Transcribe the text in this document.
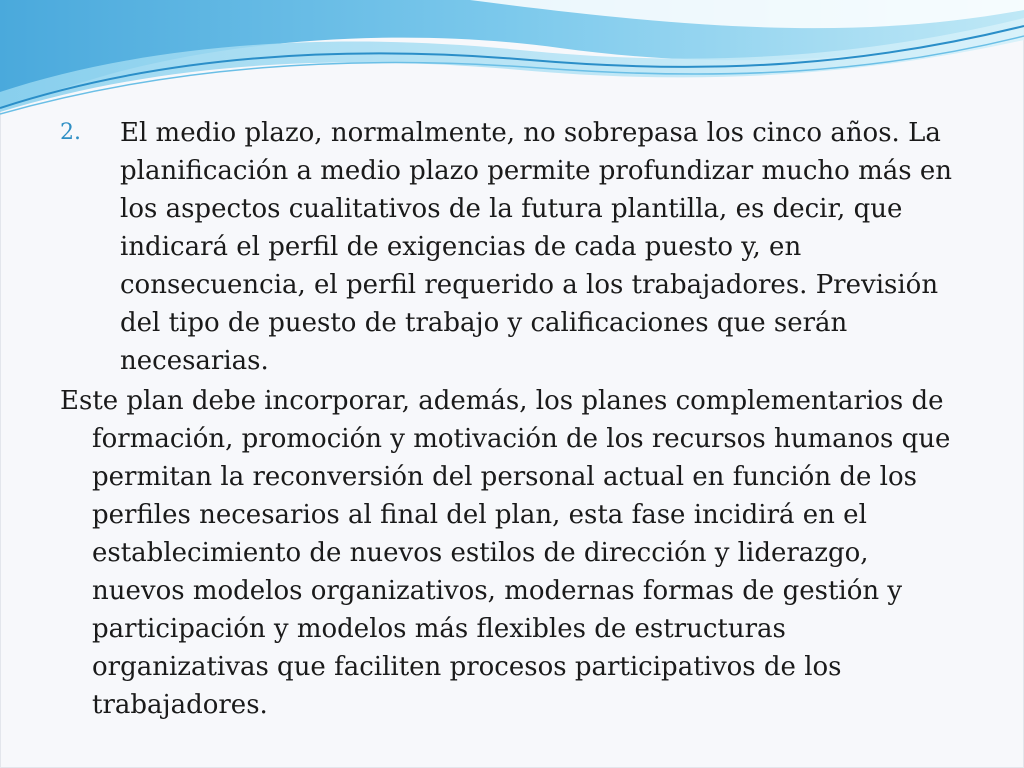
2. El medio plazo, normalmente, no sobrepasa los cinco años. La planificación a medio plazo permite profundizar mucho más en los aspectos cualitativos de la futura plantilla, es decir, que indicará el perfil de exigencias de cada puesto y, en consecuencia, el perfil requerido a los trabajadores. Previsión del tipo de puesto de trabajo y calificaciones que serán necesarias.
Este plan debe incorporar, además, los planes complementarios de formación, promoción y motivación de los recursos humanos que permitan la reconversión del personal actual en función de los perfiles necesarios al final del plan, esta fase incidirá en el establecimiento de nuevos estilos de dirección y liderazgo, nuevos modelos organizativos, modernas formas de gestión y participación y modelos más flexibles de estructuras organizativas que faciliten procesos participativos de los trabajadores.
